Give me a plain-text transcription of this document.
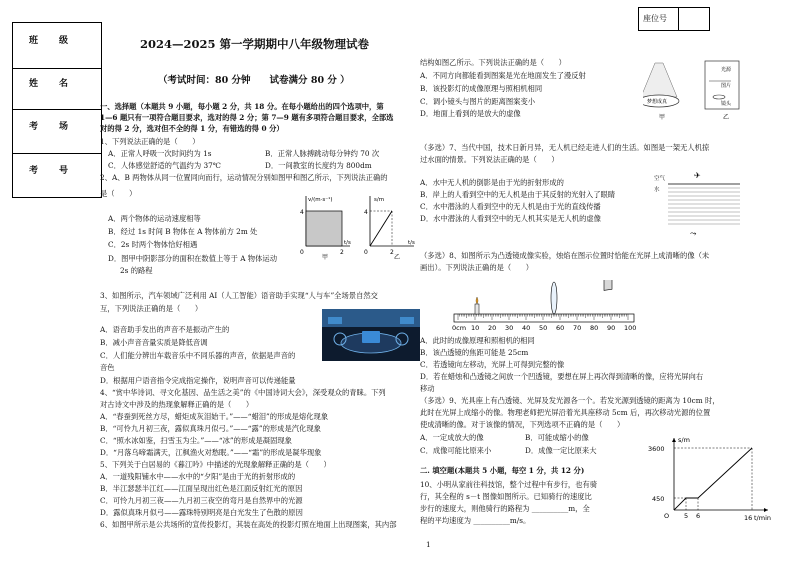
班　级
姓　名
考　场
考　号
座位号
2024—2025 第一学期期中八年级物理试卷
（考试时间：80 分钟　　试卷满分 80 分 ）
一、选择题（本题共 9 小题，每小题 2 分，共 18 分。在每小题给出的四个选项中，第
1—6 题只有一项符合题目要求，选对的得 2 分；第 7—9 题有多项符合题目要求，全部选
对的得 2 分，选对但不全的得 1 分，有错选的得 0 分）
1、下列说法正确的是（　　）
A．正常人呼吸一次时间约为 1s	B．正常人脉搏跳动每分钟约 70 次
C．人体感觉舒适的气温约为 37℃	D．一间教室的长度约为 800dm
2、A、B 两物体从同一位置同向而行，运动情况分别如图甲和图乙所示，下列说法正确的
是（　　）
A．两个物体的运动速度相等
B．经过 1s 时间 B 物体在 A 物体前方 2m 处
C．2s 时两个物体恰好相遇
D．图甲中阴影部分的面积在数值上等于 A 物体运动
2s 的路程
3、如图所示，汽车领域广泛利用 AI（人工智能）语音助手实现“人与车”全场景自然交
互，下列说法正确的是（　　）
A．语音助手发出的声音不是振动产生的
B．减小声音音量实质是降低音调
C．人们能分辨出车载音乐中不同乐器的声音，依据是声音的
音色
D．根据用户语音指令完成指定操作，说明声音可以传递能量
4、“赏中华诗词、寻文化基因、品生活之美”的《中国诗词大会》，深受观众的青睐。下列
对古诗文中涉及的热现象解释正确的是（　　）
A．“春蚕到死丝方尽，蜡炬成灰泪始干。”——“蜡泪”的形成是熔化现象
B．“可怜九月初三夜，露似真珠月似弓。”——“露”的形成是汽化现象
C．“照水冰如鉴，扫雪玉为尘。”——“冰”的形成是凝固现象
D．“月落乌啼霜满天，江枫渔火对愁眠。”——“霜”的形成是凝华现象
5、下列关于白居易的《暮江吟》中描述的光现象解释正确的是（　　）
A．一道残阳铺水中——水中的“夕阳”是由于光的折射形成的
B．半江瑟瑟半江红——江面呈现出红色是江面反射红光的原因
C．可怜九月初三夜——九月初三夜空的弯月是自然界中的光源
D．露似真珠月似弓——露珠特别明亮是白光发生了色散的原因
6、如图甲所示是公共场所的宣传投影灯，其装在高处的投影灯照在地面上出现图案，其内部
v/(m·s⁻¹)
4
0	2
t/s
甲
s/m
4
0	2
t/s
乙
结构如图乙所示。下列说法正确的是（　　）
A．不同方向都能看到图案是光在地面发生了漫反射
B．该投影灯的成像原理与照相机相同
C．调小镜头与图片的距离图案变小
D．地面上看到的是放大的虚像
（多选）7、当代中国，技术日新月异，无人机已经走进人们的生活。如图是一架无人机掠
过水面的情景。下列说法正确的是（　　）
A．水中无人机的倒影是由于光的折射形成的
B．岸上的人看到空中的无人机是由于其反射的光射入了眼睛
C．水中潜泳的人看到空中的无人机是由于光的直线传播
D．水中潜泳的人看到空中的无人机其实是无人机的虚像
（多选）8、如图所示为凸透镜成像实验，烛焰在图示位置时恰能在光屏上成清晰的像（未
画出）。下列说法正确的是（　　）
A．此时的成像原理和照相机的相同
B．该凸透镜的焦距可能是 25cm
C．若透镜向左移动，光屏上可得到完整的像
D．若在蜡烛和凸透镜之间放一个凹透镜，要想在屏上再次得到清晰的像，应将光屏向右
移动
（多选）9、光具座上有凸透镜、光屏及发光源各一个。若发光源到透镜的距离为 10cm 时，
此时在光屏上成缩小的像。物理老师把光屏沿着光具座移动 5cm 后，再次移动光源的位置
使成清晰的像。对于该像的情况，下列选项不正确的是（　　）
A．一定成放大的像	B．可能成缩小的像
C．成像可能比原来小	D．成像一定比原来大
二. 填空题(本题共 5 小题，每空 1 分，共 12 分)
10、小明从家前往科技馆，整个过程中有步行，也有骑
行，其全程的 s－t 图像如图所示。已知骑行的速度比
步行的速度大，则他骑行的路程为 __________m，全
程的平均速度为 __________m/s。
梦想成真
甲
光源
图片
镜头
乙
空气
水
✈
⤳
0cm 10 20 30 40 50 60 70 80 90 100
s/m
3600
450
O 5 6	16 t/min
1
